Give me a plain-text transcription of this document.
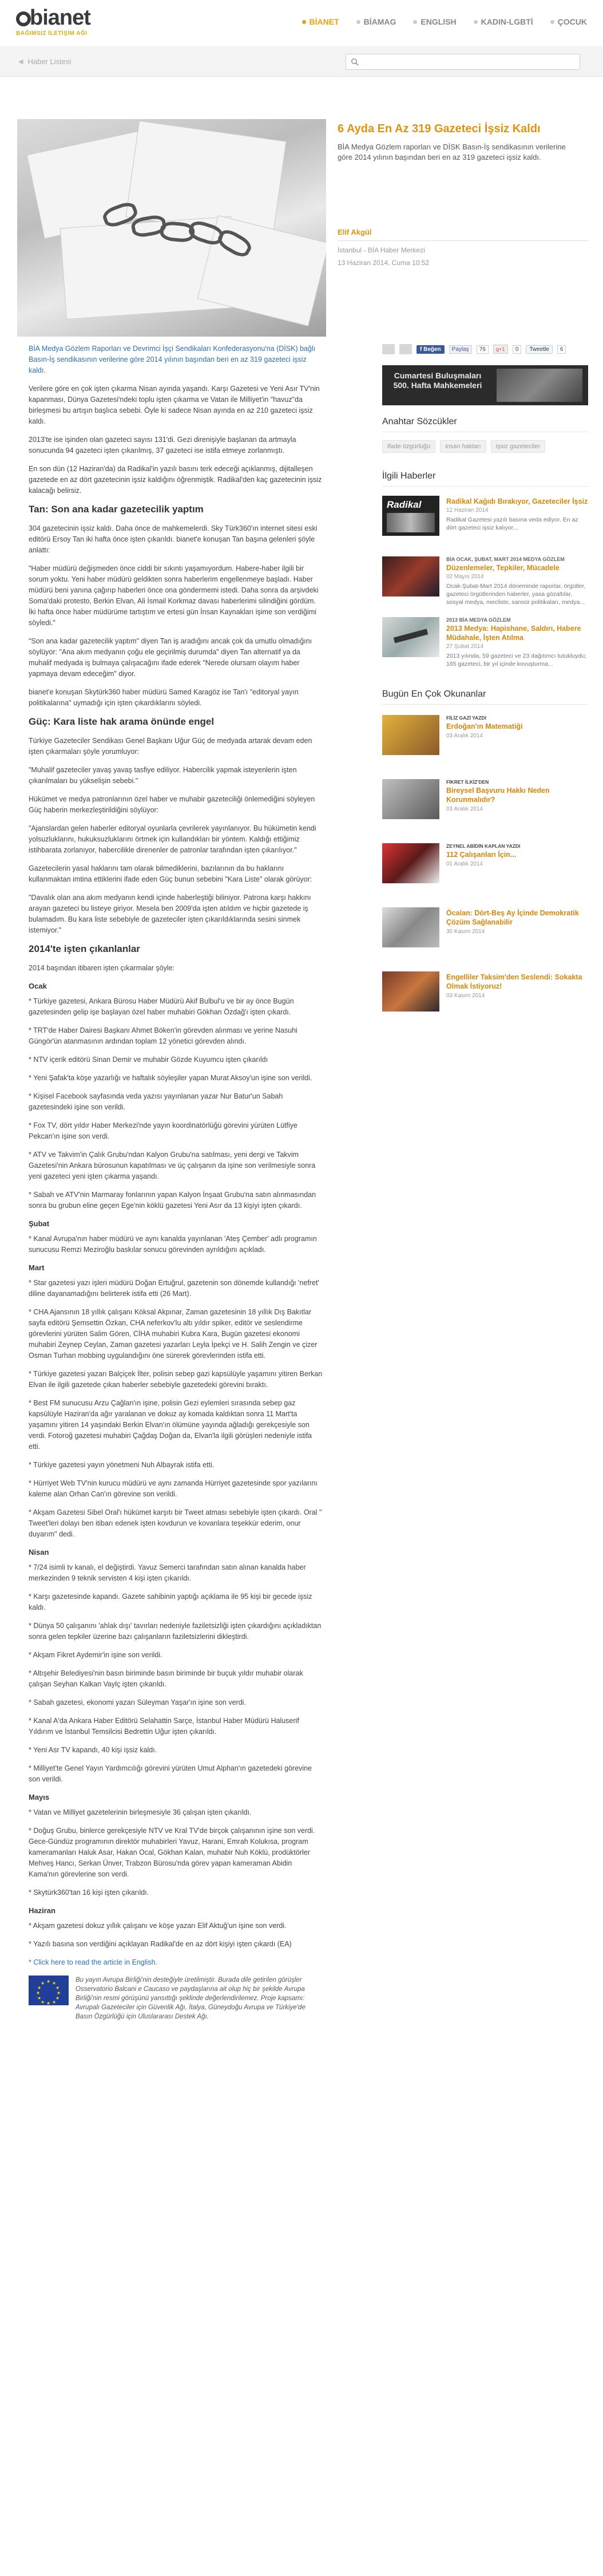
bianet
BAĞIMSIZ İLETİŞİM AĞI
BİANET	BİAMAG	ENGLISH	KADIN-LGBTİ	ÇOCUK
◀ Haber Listesi
6 Ayda En Az 319 Gazeteci İşsiz Kaldı
BİA Medya Gözlem raporları ve DİSK Basın-İş sendikasının verilerine göre 2014 yılının başından beri en az 319 gazeteci işsiz kaldı.
Elif Akgül
İstanbul - BİA Haber Merkezi
13 Haziran 2014, Cuma 10:52

BİA Medya Gözlem Raporları ve Devrimci İşçi Sendikaları Konfederasyonu'na (DİSK) bağlı Basın-İş sendikasının verilerine göre 2014 yılının başından beri en az 319 gazeteci işsiz kaldı.

Verilere göre en çok işten çıkarma Nisan ayında yaşandı. Karşı Gazetesi ve Yeni Asır TV'nin kapanması, Dünya Gazetesi'ndeki toplu işten çıkarma ve Vatan ile Milliyet'in "havuz"da birleşmesi bu artışın başlıca sebebi. Öyle ki sadece Nisan ayında en az 210 gazeteci işsiz kaldı.

2013'te ise işinden olan gazeteci sayısı 131'di. Gezi direnişiyle başlanan da artmayla sonucunda 94 gazeteci işten çıkarılmış, 37 gazeteci ise istifa etmeye zorlanmıştı.

En son dün (12 Haziran'da) da Radikal'in yazılı basını terk edeceği açıklanmış, dijitalleşen gazetede en az dört gazetecinin işsiz kaldığını öğrenmiştik. Radikal'den kaç gazetecinin işsiz kalacağı belirsiz.

Tan: Son ana kadar gazetecilik yaptım

304 gazetecinin işsiz kaldı. Daha önce de mahkemelerdi. Sky Türk360'ın internet sitesi eski editörü Ersoy Tan iki hafta önce işten çıkarıldı. bianet'e konuşan Tan başına gelenleri şöyle anlattı:

"Haber müdürü değişmeden önce ciddi bir sıkıntı yaşamıyordum. Habere-haber ilgili bir sorum yoktu. Yeni haber müdürü geldikten sonra haberlerim engellenmeye başladı. Haber müdürü beni yanına çağırıp haberleri önce ona göndermemi istedi. Daha sonra da arşivdeki Soma'daki protesto, Berkin Elvan, Ali İsmail Korkmaz davası haberlerimi silindiğini gördüm. İki hafta önce haber müdürüme tartıştım ve ertesi gün İnsan Kaynakları işime son verdiğimi söyledi."

"Son ana kadar gazetecilik yaptım" diyen Tan iş aradığını ancak çok da umutlu olmadığını söylüyor: "Ana akım medyanın çoğu ele geçirilmiş durumda" diyen Tan alternatif ya da muhalif medyada iş bulmaya çalışacağını ifade ederek "Nerede olursam olayım haber yapmaya devam edeceğim" diyor.

bianet'e konuşan Skytürk360 haber müdürü Samed Karagöz ise Tan'ı "editoryal yayın politikalarına" uymadığı için işten çıkardıklarını söyledi.

Güç: Kara liste hak arama önünde engel

Türkiye Gazeteciler Sendikası Genel Başkanı Uğur Güç de medyada artarak devam eden işten çıkarmaları şöyle yorumluyor:

"Muhalif gazeteciler yavaş yavaş tasfiye ediliyor. Habercilik yapmak isteyenlerin işten çıkarılmaları bu yükselişin sebebi."

Hükümet ve medya patronlarının özel haber ve muhabir gazeteciliği önlemediğini söyleyen Güç haberin merkezleştirildiğini söylüyor:

"Ajanslardan gelen haberler editoryal oyunlarla çevrilerek yayınlanıyor. Bu hükümetin kendi yolsuzluklarını, hukuksuzluklarını örtmek için kullandıkları bir yöntem. Kaldığı ettiğimiz istihbarata zorlanıyor, habercilikle direnenler de patronlar tarafından işten çıkarılıyor."

Gazetecilerin yasal haklarını tam olarak bilmediklerini, bazılarının da bu haklarını kullanmaktan imtina ettiklerini ifade eden Güç bunun sebebini "Kara Liste" olarak görüyor:

"Davalık olan ana akım medyanın kendi içinde haberleştiği biliniyor. Patrona karşı hakkını arayan gazeteci bu listeye giriyor. Mesela ben 2009'da işten atıldım ve hiçbir gazetede iş bulamadım. Bu kara liste sebebiyle de gazeteciler işten çıkarıldıklarında sesini sinmek istemiyor."

2014'te işten çıkanlanlar

2014 başından itibaren işten çıkarmalar şöyle:

Ocak

* Türkiye gazetesi, Ankara Bürosu Haber Müdürü Akif Bulbul'u ve bir ay önce Bugün gazetesinden gelip işe başlayan özel haber muhabiri Gökhan Özdağ'ı işten çıkardı.

* TRT'de Haber Dairesi Başkanı Ahmet Böken'in görevden alınması ve yerine Nasuhi Güngör'ün atanmasının ardından toplam 12 yönetici görevden alındı.

* NTV içerik editörü Sinan Demir ve muhabir Gözde Kuyumcu işten çıkarıldı

* Yeni Şafak'ta köşe yazarlığı ve haftalık söyleşiler yapan Murat Aksoy'un işine son verildi.

* Kişisel Facebook sayfasında veda yazısı yayınlanan yazar Nur Batur'un Sabah gazetesindeki işine son verildi.

* Fox TV, dört yıldır Haber Merkezi'nde yayın koordinatörlüğü görevini yürüten Lütfiye Pekcan'ın işine son verdi.

* ATV ve Takvim'in Çalık Grubu'ndan Kalyon Grubu'na satılması, yeni dergi ve Takvim Gazetesi'nin Ankara bürosunun kapatılması ve üç çalışanın da işine son verilmesiyle sonra yeni gazeteci yeni işten çıkarma yaşandı.

* Sabah ve ATV'nin Marmaray fonlarının yapan Kalyon İnşaat Grubu'na satın alınmasından sonra bu grubun eline geçen Ege'nin köklü gazetesi Yeni Asır da 13 kişiyi işten çıkardı.

Şubat

* Kanal Avrupa'nın haber müdürü ve aynı kanalda yayınlanan 'Ateş Çember' adlı programın sunucusu Remzi Meziroğlu baskılar sonucu görevinden ayrıldığını açıkladı.

Mart

* Star gazetesi yazı işleri müdürü Doğan Ertuğrul, gazetenin son dönemde kullandığı 'nefret' diline dayanamadığını belirterek istifa etti (26 Mart).

* CHA Ajansının 18 yıllık çalışanı Köksal Akpınar, Zaman gazetesinin 18 yıllık Dış Bakıtlar sayfa editörü Şemsettin Özkan, CHA neferkov'lu altı yıldır spiker, editör ve seslendirme görevlerini yürüten Salim Gören, CİHA muhabiri Kubra Kara, Bugün gazetesi ekonomi muhabiri Zeynep Ceylan, Zaman gazetesi yazarları Leyla İpekçi ve H. Salih Zengin ve çizer Osman Turhan mobbing uygulandığını öne sürerek görevlerinden istifa etti.

* Türkiye gazetesi yazarı Balçiçek İlter, polisin sebep gazi kapsülüyle yaşamını yitiren Berkan Elvan ile ilgili gazetede çıkan haberler sebebiyle gazetedeki görevini bıraktı.

* Best FM sunucusu Arzu Çağlan'ın işine, polisin Gezi eylemleri sırasında sebep gaz kapsülüyle Haziran'da ağır yaralanan ve dokuz ay komada kaldıktan sonra 11 Mart'ta yaşamını yitiren 14 yaşındaki Berkin Elvan'ın ölümüne yayında ağladığı gerekçesiyle son verdi. Fotoroğ gazetesi muhabiri Çağdaş Doğan da, Elvan'la ilgili görüşleri nedeniyle istifa etti.

* Türkiye gazetesi yayın yönetmeni Nuh Albayrak istifa etti.

* Hürriyet Web TV'nin kurucu müdürü ve aynı zamanda Hürriyet gazetesinde spor yazılarını kaleme alan Orhan Can'ın görevine son verildi.

* Akşam Gazetesi Sibel Oral'ı hükümet karşıtı bir Tweet atması sebebiyle işten çıkardı. Oral " Tweet'leri dolayı ben itibarı edenek işten kovdurun ve kovanlara teşekkür ederim, onur duyarım" dedi.

Nisan

* 7/24 isimli tv kanalı, el değiştirdi. Yavuz Semerci tarafından satın alınan kanalda haber merkezinden 9 teknik servisten 4 kişi işten çıkarıldı.

* Karşı gazetesinde kapandı. Gazete sahibinin yaptığı açıklama ile 95 kişi bir gecede işsiz kaldı.

* Dünya 50 çalışanını 'ahlak dışı' tavırları nedeniyle faziletsizliği işten çıkardığını açıkladıktan sonra gelen tepkiler üzerine bazı çalışanların faziletsizlerini dikleştirdi.

* Akşam Fikret Aydemir'in işine son verildi.

* Altışehir Belediyesi'nin basın biriminde basın biriminde bir buçuk yıldır muhabir olarak çalışan Seyhan Kalkan Vaylç işten çıkarıldı.

* Sabah gazetesi, ekonomi yazarı Süleyman Yaşar'ın işine son verdi.

* Kanal A'da Ankara Haber Editörü Selahattin Sarçe, İstanbul Haber Müdürü Haluserif Yıldırım ve İstanbul Temsilcisi Bedrettin Uğur işten çıkarıldı.

* Yeni Asr TV kapandı, 40 kişi işsiz kaldı.

* Milliyet'te Genel Yayın Yardımcılığı görevini yürüten Umut Alphan'ın gazetedeki görevine son verildi.

Mayıs

* Vatan ve Milliyet gazetelerinin birleşmesiyle 36 çalışan işten çıkarıldı.

* Doğuş Grubu, binlerce gerekçesiyle NTV ve Kral TV'de birçok çalışanının işine son verdi. Gece-Gündüz programının direktör muhabirleri Yavuz, Harani, Emrah Kolukısa, program kameramanları Haluk Asar, Hakan Ocal, Gökhan Kalan, muhabir Nuh Köklü, prodüktörler Mehveş Hancı, Serkan Ünver, Trabzon Bürosu'nda görev yapan kameraman Abidin Kama'nın görevlerine son verdi.

* Skytürk360'tan 16 kişi işten çıkarıldı.

Haziran

* Akşam gazetesi dokuz yıllık çalışanı ve köşe yazarı Elif Aktuğ'un işine son verdi.

* Yazılı basına son verdiğini açıklayan Radikal'de en az dört kişiyi işten çıkardı (EA)

* Click here to read the article in English.

★ ★
★
★
★
★
★
★
★
★
★
★	Bu yayın Avrupa Birliği'nin desteğiyle üretilmiştir. Burada dile getirilen görüşler Osservatorio Balcani e Caucaso ve paydaşlarına ait olup hiç bir şekilde Avrupa Birliği'nin resmi görüşünü yansıttığı şeklinde değerlendirilemez. Proje kapsamı: Avrupalı Gazeteciler için Güvenlik Ağı, İtalya, Güneydoğu Avrupa ve Türkiye'de Basın Özgürlüğü için Uluslararası Destek Ağı.
f Beğen	Paylaş	76	g+1	0	Tweetle	6
Cumartesi Buluşmaları 500. Hafta Mahkemeleri
Anahtar Sözcükler
ifade özgürlüğü	insan hakları	işsiz gazeteciler
İlgili Haberler
Radikal	Radikal Kağıdı Bırakıyor, Gazeteciler İşsiz
12 Haziran 2014
Radikal Gazetesi yazılı basına veda ediyor. En az dört gazeteci işsiz kalıyor...
BİA OCAK, ŞUBAT, MART 2014 MEDYA GÖZLEM
Düzenlemeler, Tepkiler, Mücadele
02 Mayıs 2014
Ocak-Şubat-Mart 2014 döneminde raporlar, örgütler, gazeteci örgütlerinden haberler, yasa gözaltılar, sosyal medya, mecliste, sansür politikaları, medya...
2013 BİA MEDYA GÖZLEM
2013 Medya: Hapishane, Saldırı, Habere Müdahale, İşten Atılma
27 Şubat 2014
2013 yılında, 59 gazeteci ve 23 dağıtımcı tutukluydu; 165 gazeteci, bir yıl içinde kovuşturma...
Bugün En Çok Okunanlar
FİLİZ GAZİ YAZDI
Erdoğan'ın Matematiği
03 Aralık 2014
FİKRET İLKİZ'DEN
Bireysel Başvuru Hakkı Neden Korunmalıdır?
03 Aralık 2014
ZEYNEL ABİDİN KAPLAN YAZDI
112 Çalışanları İçin...
01 Aralık 2014
Öcalan: Dört-Beş Ay İçinde Demokratik Çözüm Sağlanabilir
30 Kasım 2014
Engelliler Taksim'den Seslendi: Sokakta Olmak İstiyoruz!
03 Kasım 2014
